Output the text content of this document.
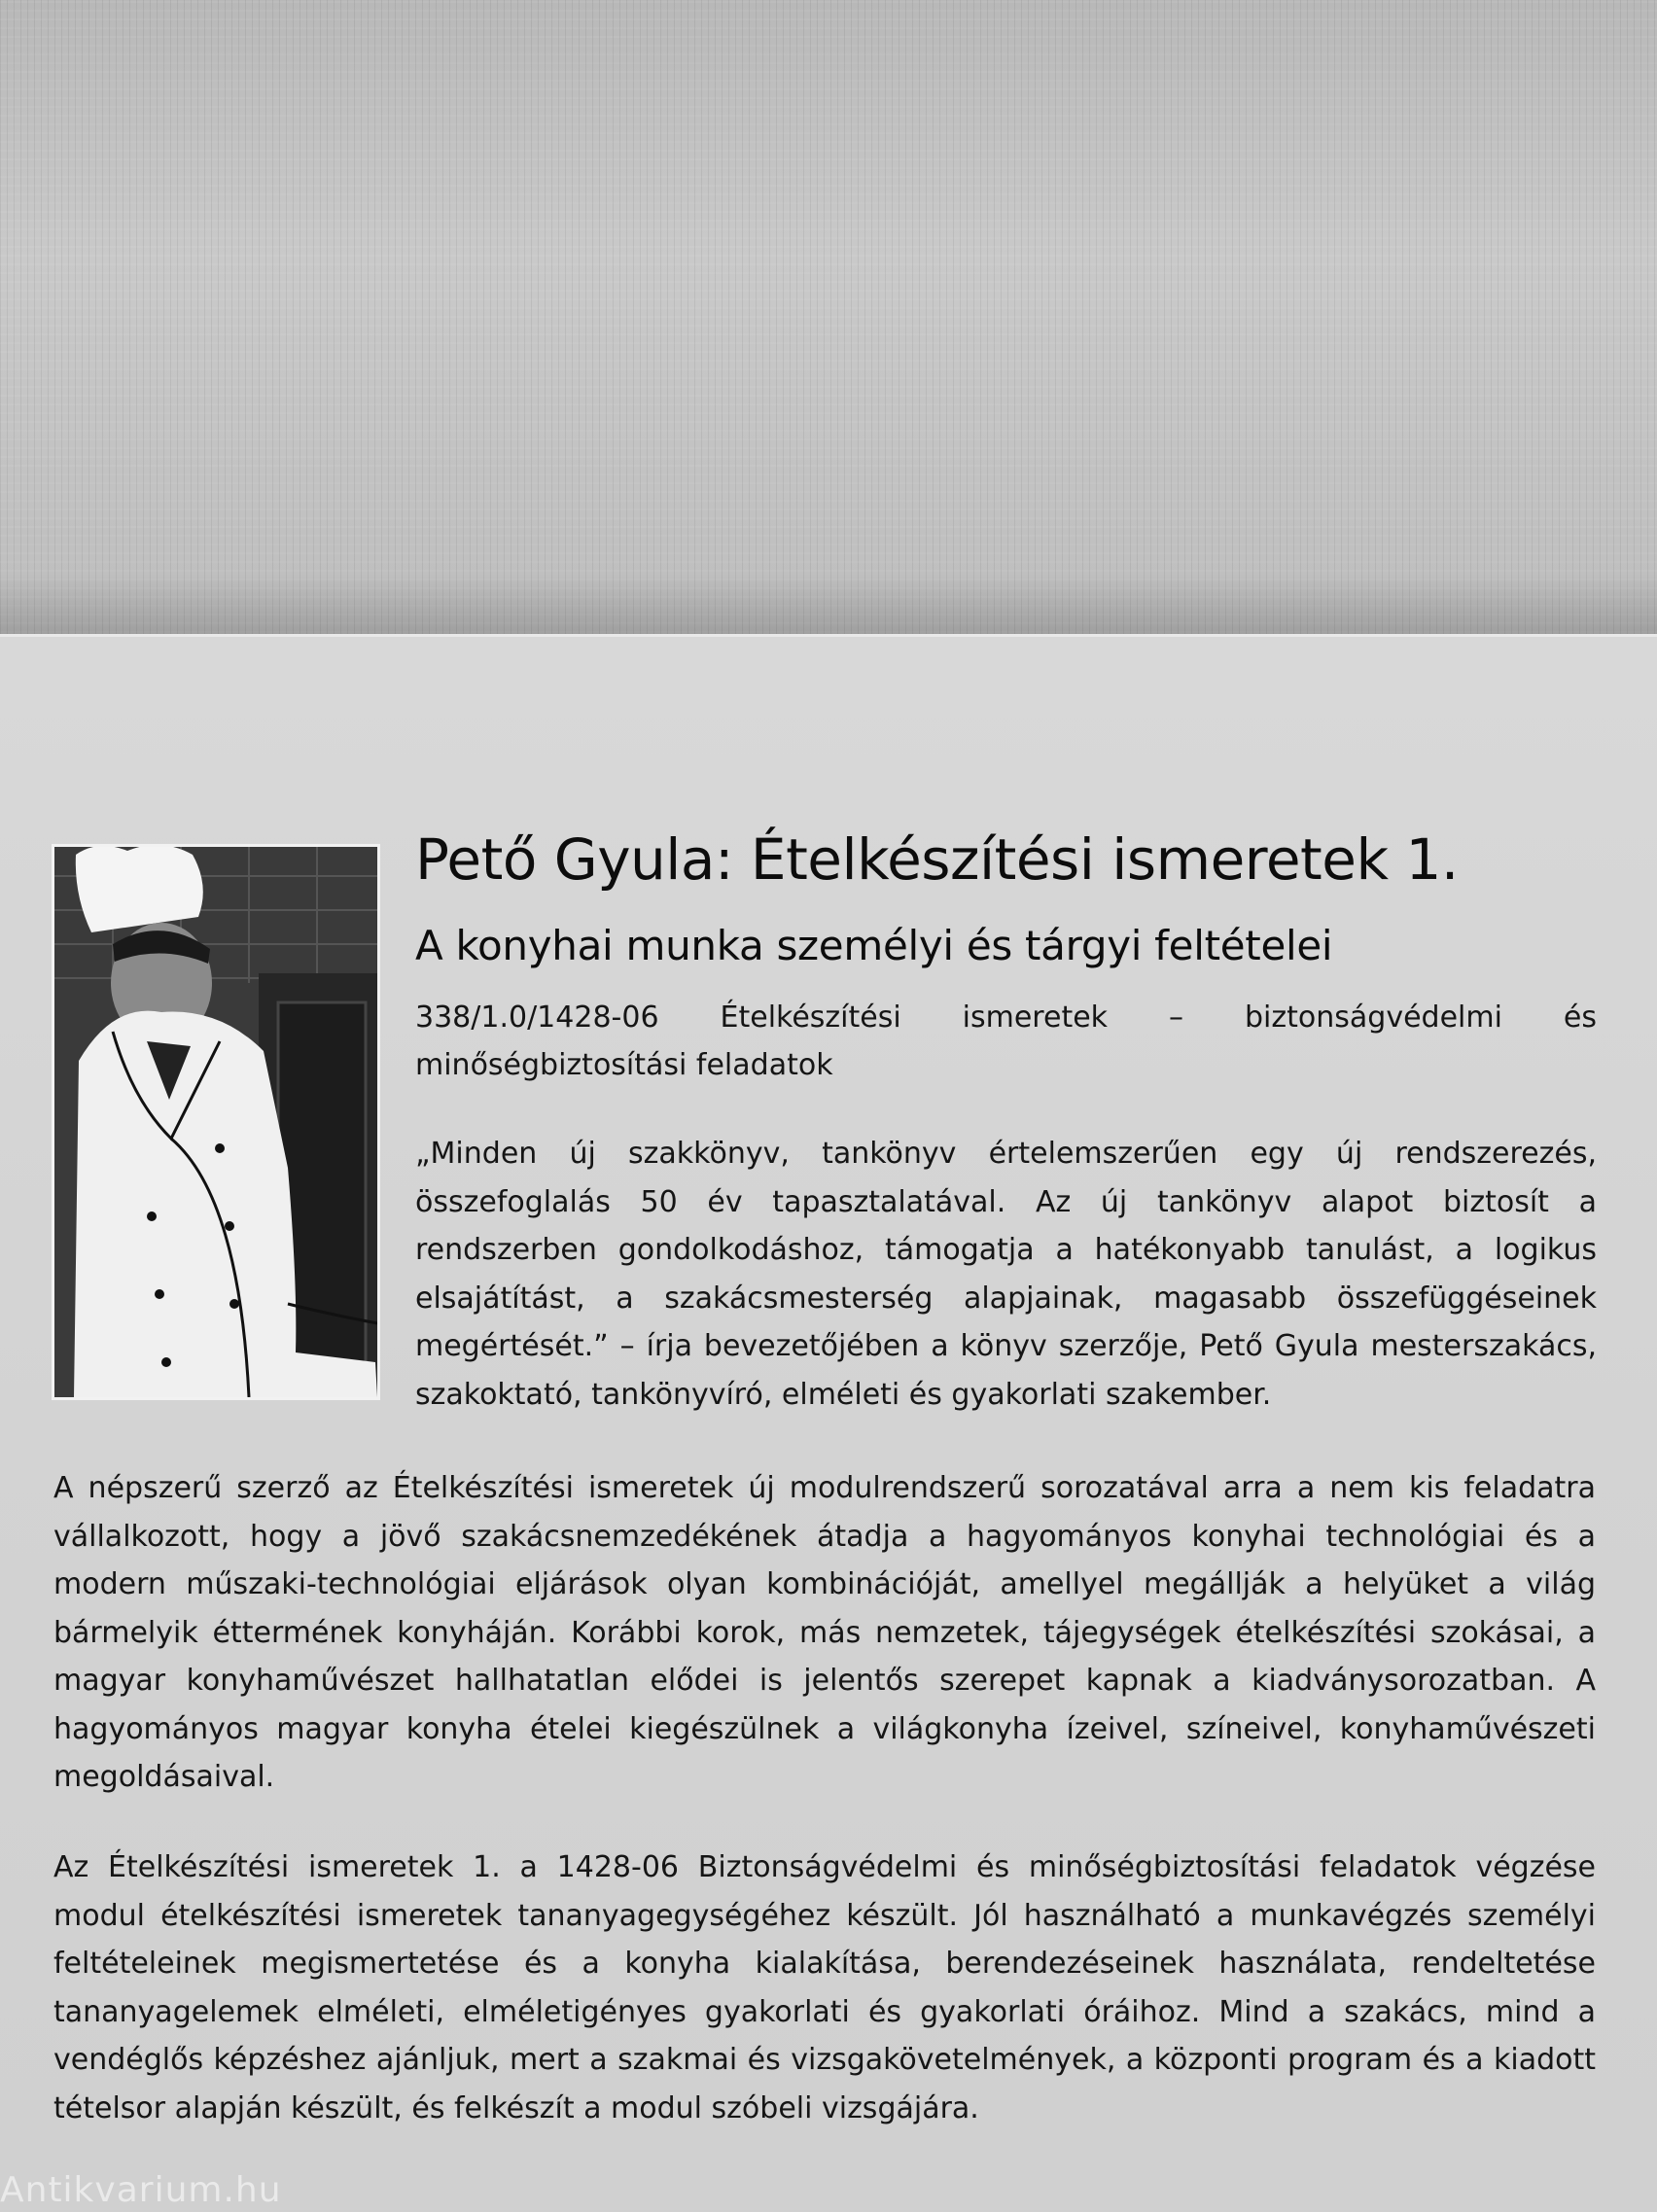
Pető Gyula: Ételkészítési ismeretek 1.
A konyhai munka személyi és tárgyi feltételei

338/1.0/1428-06 Ételkészítési ismeretek – biztonságvédelmi és minőségbiztosítási feladatok

„Minden új szakkönyv, tankönyv értelemszerűen egy új rendszerezés, összefoglalás 50 év tapasztalatával. Az új tankönyv alapot biztosít a rendszerben gondolkodáshoz, támogatja a hatékonyabb tanulást, a logikus elsajátítást, a szakácsmesterség alapjainak, magasabb összefüggéseinek megértését.” – írja bevezetőjében a könyv szerzője, Pető Gyula mesterszakács, szakoktató, tankönyvíró, elméleti és gyakorlati szakember.

A népszerű szerző az Ételkészítési ismeretek új modulrendszerű sorozatával arra a nem kis feladatra vállalkozott, hogy a jövő szakácsnemzedékének átadja a hagyományos konyhai technológiai és a modern műszaki-technológiai eljárások olyan kombinációját, amellyel megállják a helyüket a világ bármelyik éttermének konyháján. Korábbi korok, más nemzetek, tájegységek ételkészítési szokásai, a magyar konyhaművészet hallhatatlan elődei is jelentős szerepet kapnak a kiadványsorozatban. A hagyományos magyar konyha ételei kiegészülnek a világkonyha ízeivel, színeivel, konyhaművészeti megoldásaival.

Az Ételkészítési ismeretek 1. a 1428-06 Biztonságvédelmi és minőségbiztosítási feladatok végzése modul ételkészítési ismeretek tananyagegységéhez készült. Jól használható a munkavégzés személyi feltételeinek megismertetése és a konyha kialakítása, berendezéseinek használata, rendeltetése tananyagelemek elméleti, elméletigényes gyakorlati és gyakorlati óráihoz. Mind a szakács, mind a vendéglős képzéshez ajánljuk, mert a szakmai és vizsgakövetelmények, a központi program és a kiadott tételsor alapján készült, és felkészít a modul szóbeli vizsgájára.

Antikvarium.hu
